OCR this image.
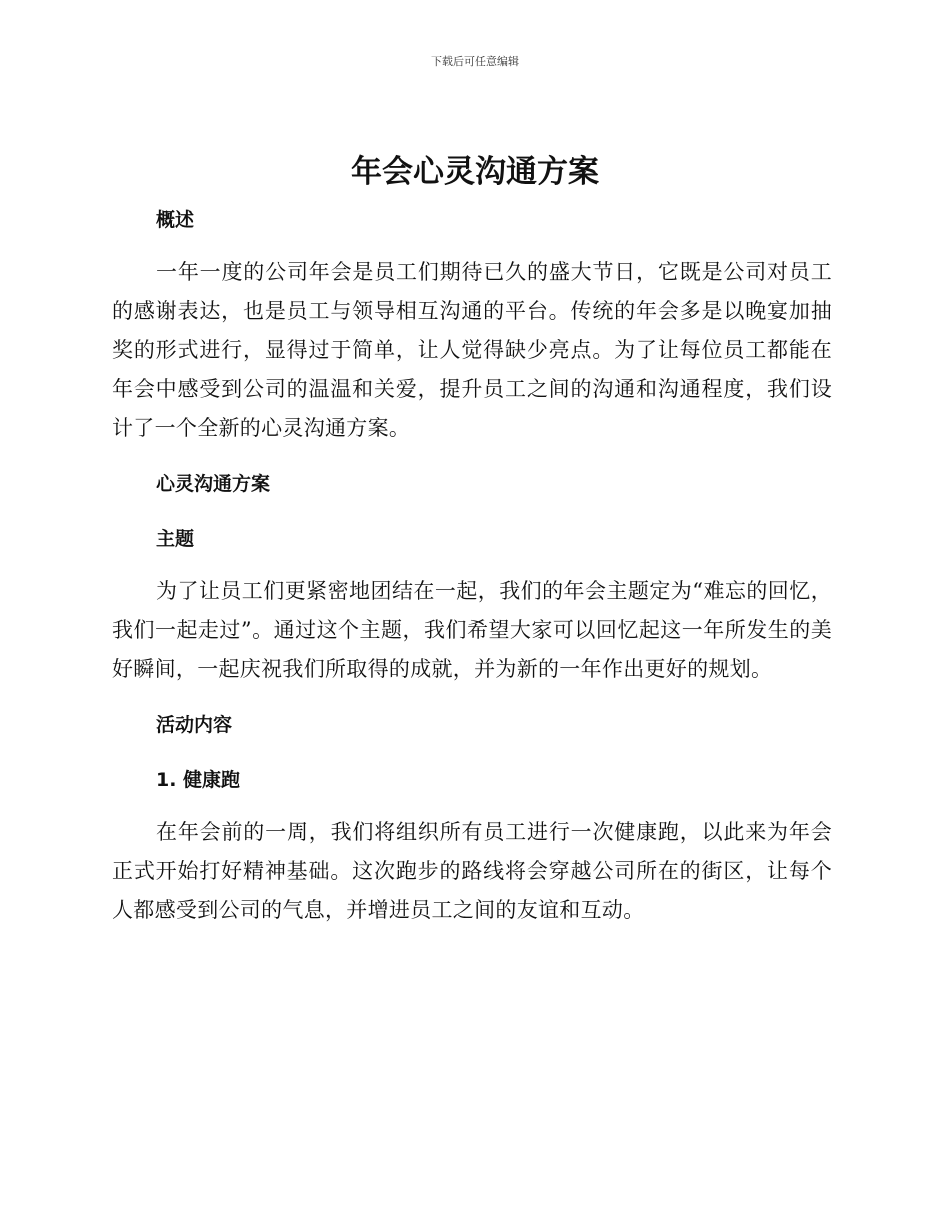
下载后可任意编辑
年会心灵沟通方案
概述

一年一度的公司年会是员工们期待已久的盛大节日，它既是公司对员工的感谢表达，也是员工与领导相互沟通的平台。传统的年会多是以晚宴加抽奖的形式进行，显得过于简单，让人觉得缺少亮点。为了让每位员工都能在年会中感受到公司的温温和关爱，提升员工之间的沟通和沟通程度，我们设计了一个全新的心灵沟通方案。

心灵沟通方案
主题

为了让员工们更紧密地团结在一起，我们的年会主题定为“难忘的回忆，我们一起走过”。通过这个主题，我们希望大家可以回忆起这一年所发生的美好瞬间，一起庆祝我们所取得的成就，并为新的一年作出更好的规划。

活动内容
1. 健康跑

在年会前的一周，我们将组织所有员工进行一次健康跑，以此来为年会正式开始打好精神基础。这次跑步的路线将会穿越公司所在的街区，让每个人都感受到公司的气息，并增进员工之间的友谊和互动。
